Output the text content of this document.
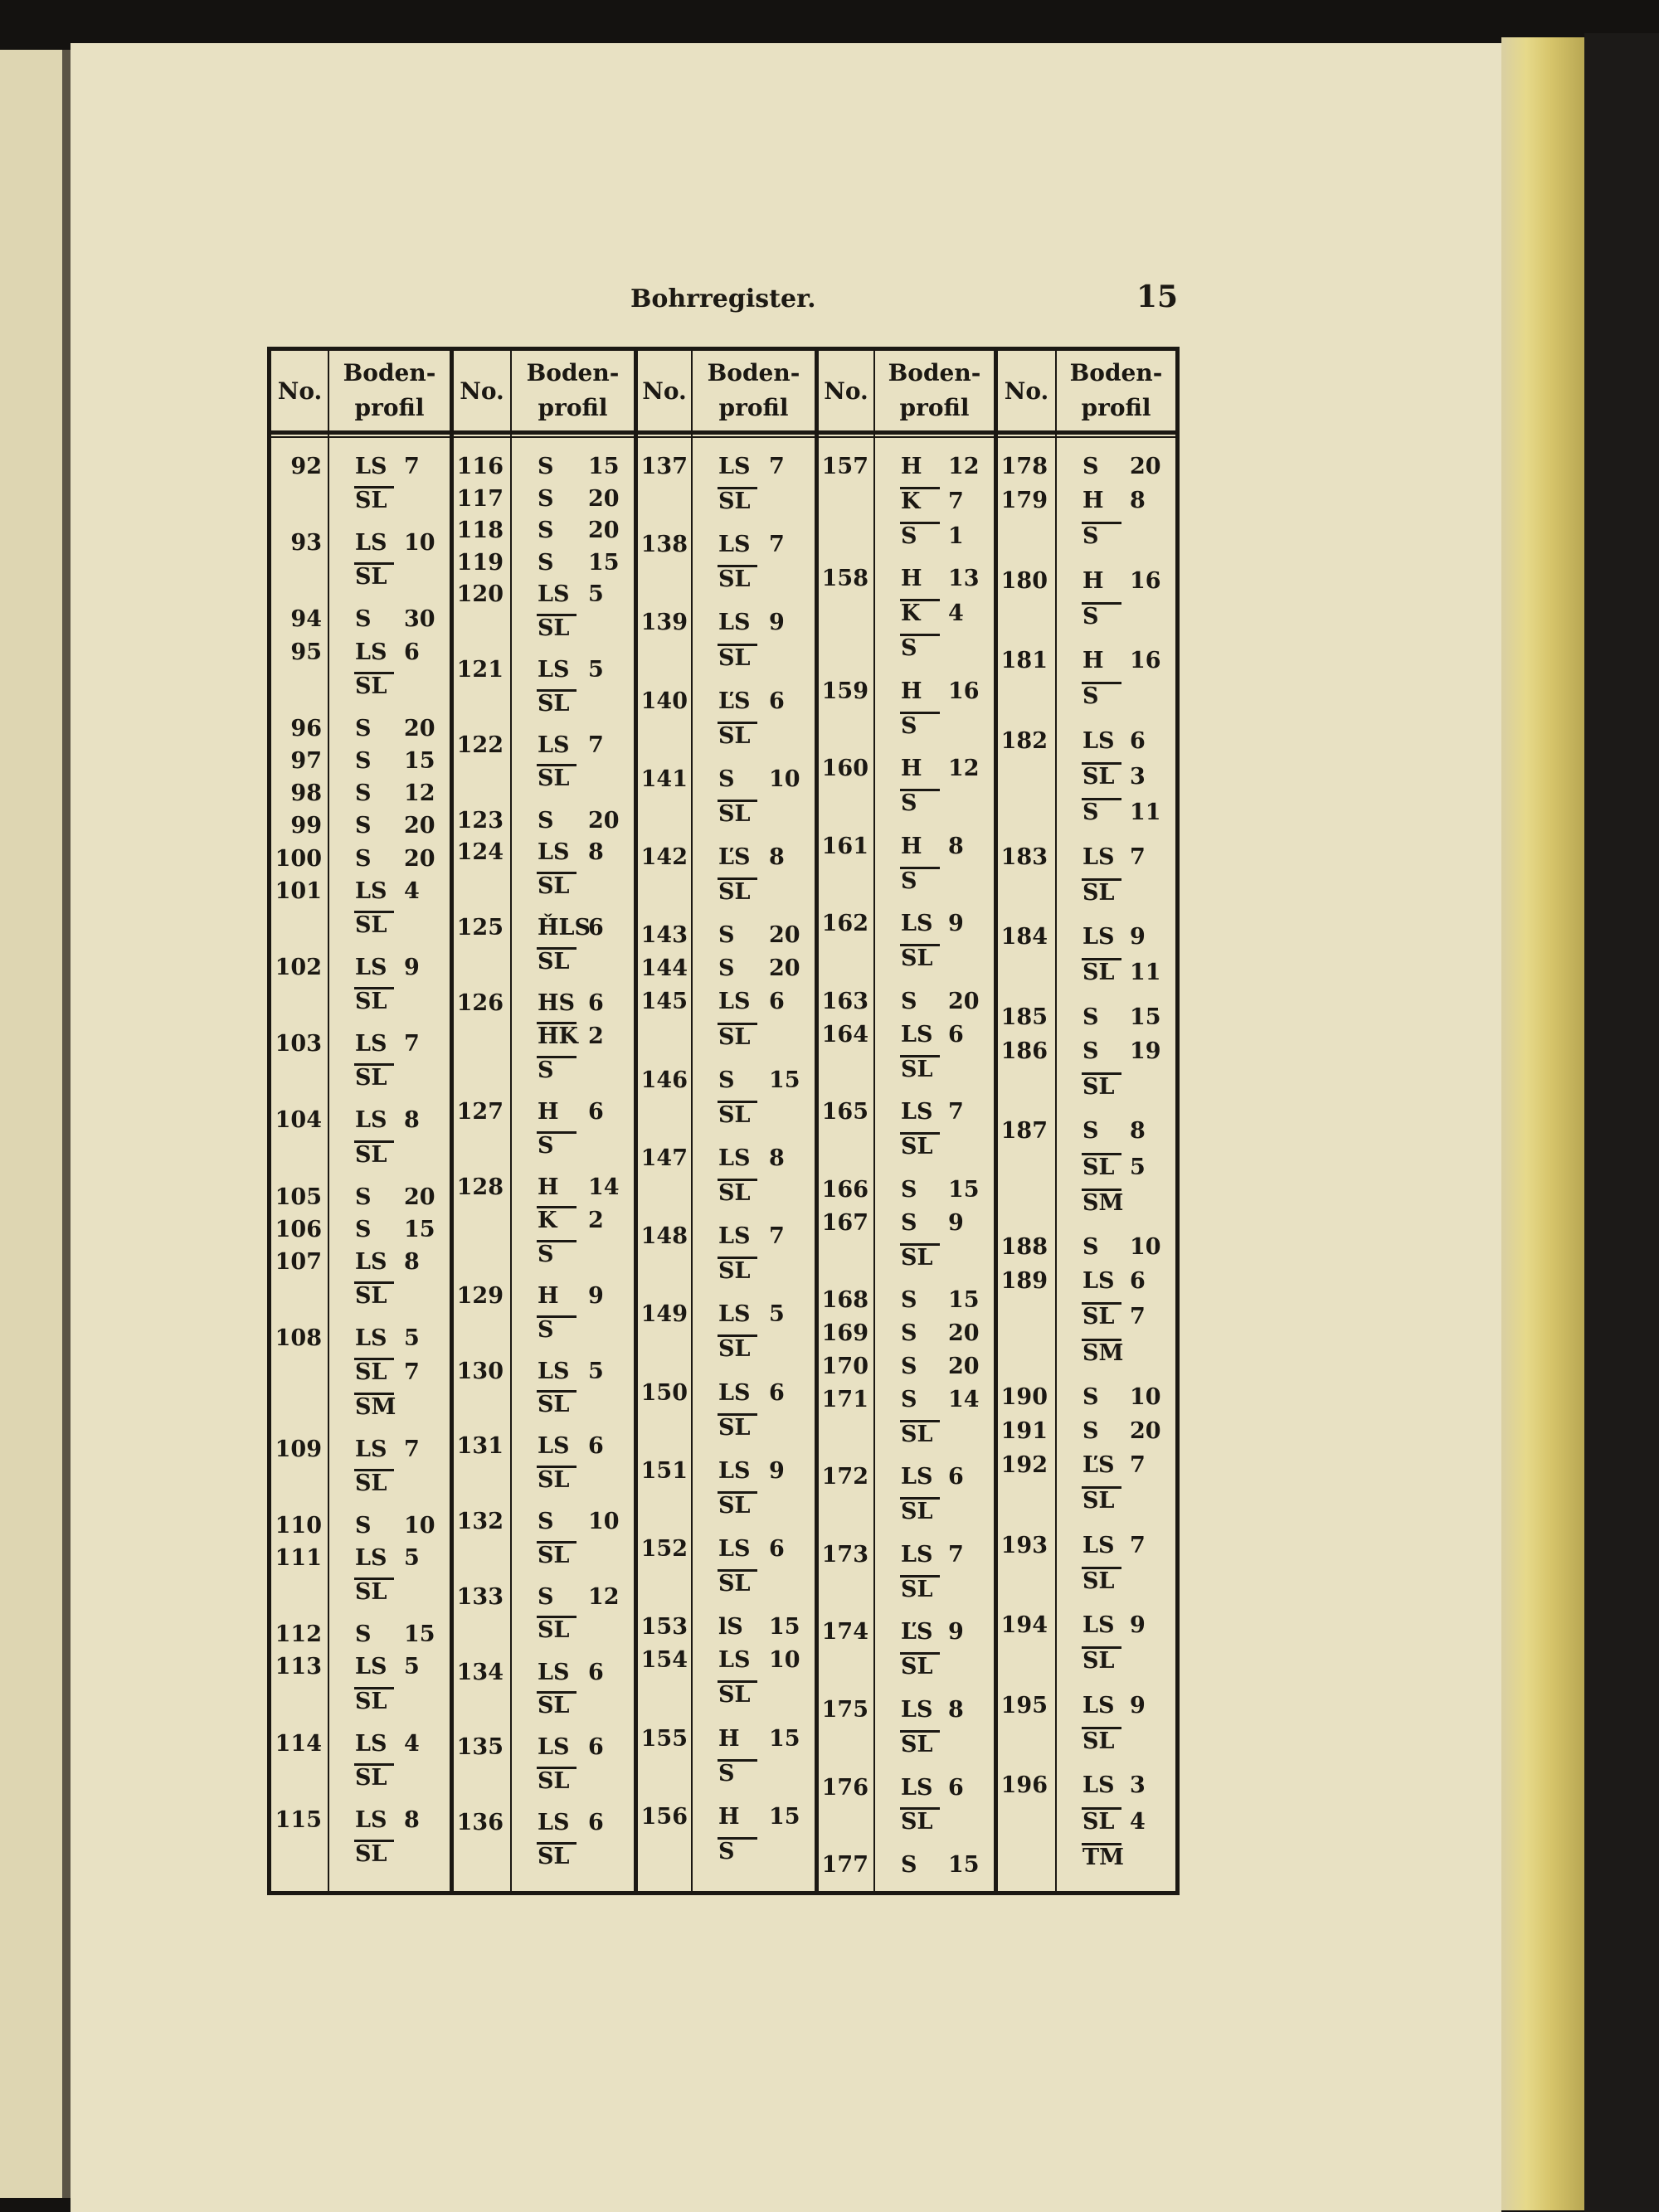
Bohrregister.	15
No.
Boden-
profil
No.
Boden-
profil
No.
Boden-
profil
No.
Boden-
profil
No.
Boden-
profil
92 LS 7
SL
93 LS 10
SL
94 S 30
95 LS 6
SL
96 S 20
97 S 15
98 S 12
99 S 20
100 S 20
101 LS 4
SL
102 LS 9
SL
103 LS 7
SL
104 LS 8
SL
105 S 20
106 S 15
107 LS 8
S̄L
108 LS 5
SL 7
SM
109 LS 7
SL
110 S 10
111 LS 5
S̄L
112 S 15
113 LS 5
S̄L
114 LS 4
S̄L
115 LS 8
SL
116 S 15
117 S 20
118 S 20
119 S 15
120 LS 5
SL
121 LS 5
SL
122 LS 7
SL
123 S 20
124 LS 8
SL
125 ȞLS
6
SL
126 HS 6
HK 2
S
127 H 6
S
128 H 14
K̄ 2
S
129 H 9
S
130 LS 5
SL
131 LS 6
SL
132 S 10
SL
133 S 12
SL
134 LS 6
SL
135 LS 6
S̄L
136 LS 6
SL
137 LS 7
SL
138 LS 7
SL
139 LS 9
SL
140 ĽS 6
SL
141 S 10
SL
142 ĽS 8
SL
143 S 20
144 S 20
145 LS 6
SL
146 S 15
SL
147 LS 8
SL
148 LS 7
SL
149 LS 5
SL
150 LS 6
SL
151 LS 9
SL
152 LS 6
SL
153 lS 15
154 LS 10
SL
155 H 15
S
156 H 15
S
157 H 12
K 7
S 1
158 H 13
K 4
S
159 H 16
S
160 H 12
S
161 H 8
S
162 LS 9
SL
163 S 20
164 LS 6
SL
165 LS 7
SL
166 S 15
167 S 9
SL
168 S 15
169 S 20
170 S 20
171 S 14
SL
172 LS 6
SL
173 LS 7
SL
174 ĽS 9
SL
175 LS 8
SL
176 LS 6
SL
177 S 15
178 S 20
179 H 8
S
180 H 16
S
181 H 16
S
182 LS 6
SL 3
S 11
183 LS 7
SL
184 LS 9
S̄L 11
185 S 15
186 S 19
SL
187 S 8
SL 5
SM
188 S 10
189 LS 6
SL 7
SM
190 S 10
191 S 20
192 ĽS 7
SL
193 LS 7
SL
194 LS 9
SL
195 LS 9
SL
196 LS 3
SL 4
TM
